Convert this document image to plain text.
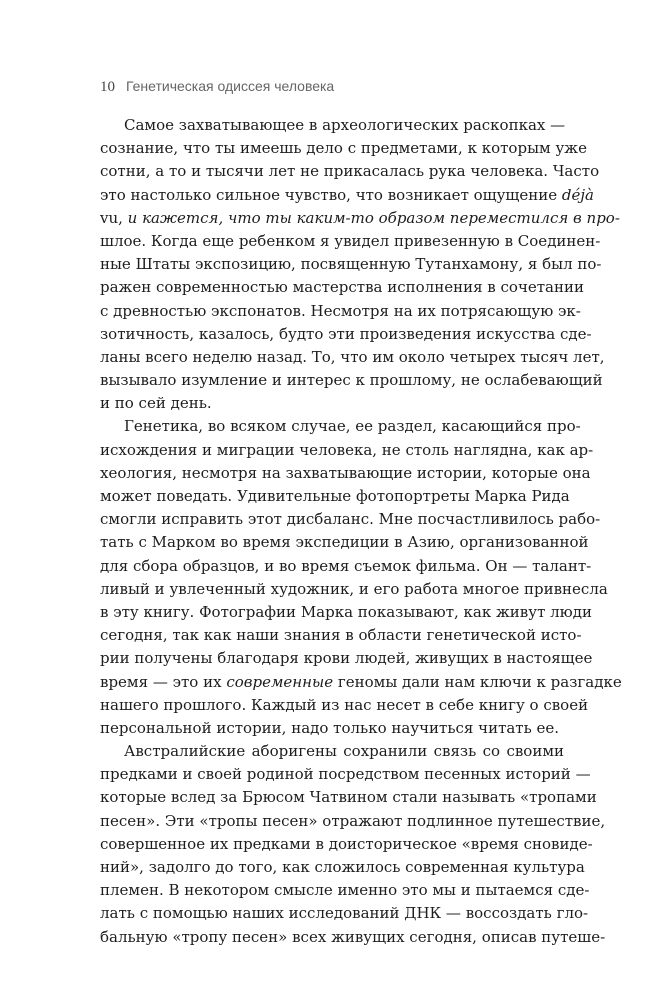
10 Генетическая одиссея человека
Самое захватывающее в археологических раскопках —
сознание, что ты имеешь дело с предметами, к которым уже
сотни, а то и тысячи лет не прикасалась рука человека. Часто
это настолько сильное чувство, что возникает ощущение déjà
vu, и кажется, что ты каким-то образом переместился в про-
шлое. Когда еще ребенком я увидел привезенную в Соединен-
ные Штаты экспозицию, посвященную Тутанхамону, я был по-
ражен современностью мастерства исполнения в сочетании
с древностью экспонатов. Несмотря на их потрясающую эк-
зотичность, казалось, будто эти произведения искусства сде-
ланы всего неделю назад. То, что им около четырех тысяч лет,
вызывало изумление и интерес к прошлому, не ослабевающий
и по сей день.
Генетика, во всяком случае, ее раздел, касающийся про-
исхождения и миграции человека, не столь наглядна, как ар-
хеология, несмотря на захватывающие истории, которые она
может поведать. Удивительные фотопортреты Марка Рида
смогли исправить этот дисбаланс. Мне посчастливилось рабо-
тать с Марком во время экспедиции в Азию, организованной
для сбора образцов, и во время съемок фильма. Он — талант-
ливый и увлеченный художник, и его работа многое привнесла
в эту книгу. Фотографии Марка показывают, как живут люди
сегодня, так как наши знания в области генетической исто-
рии получены благодаря крови людей, живущих в настоящее
время — это их современные геномы дали нам ключи к разгадке
нашего прошлого. Каждый из нас несет в себе книгу о своей
персональной истории, надо только научиться читать ее.
Австралийские аборигены сохранили связь со своими
предками и своей родиной посредством песенных историй —
которые вслед за Брюсом Чатвином стали называть «тропами
песен». Эти «тропы песен» отражают подлинное путешествие,
совершенное их предками в доисторическое «время сновиде-
ний», задолго до того, как сложилось современная культура
племен. В некотором смысле именно это мы и пытаемся сде-
лать с помощью наших исследований ДНК — воссоздать гло-
бальную «тропу песен» всех живущих сегодня, описав путеше-
